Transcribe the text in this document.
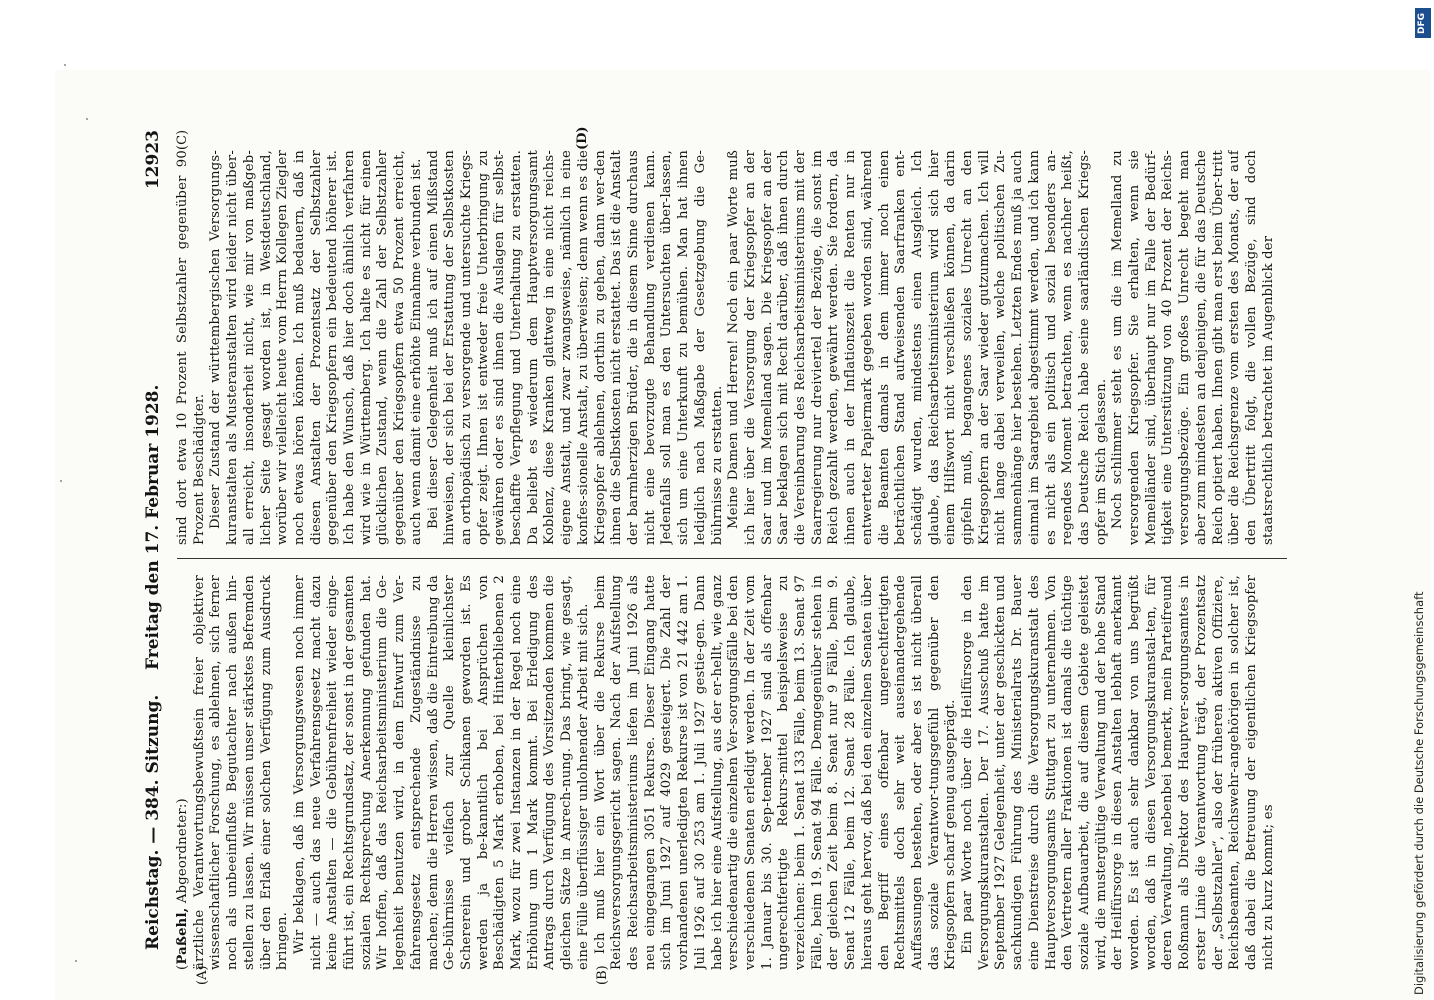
Reichstag. — 384. Sitzung.
Freitag den 17. Februar 1928.
12923
(A)	(B)
(C)	(D)

(Paßehl, Abgeordneter:) ärztliche Verantwortungsbewußtsein freier objektiver wissenschaftlicher Forschung, es ablehnen, sich ferner noch als unbeeinflußte Begutachter nach außen hin-stellen zu lassen. Wir müssen unser stärkstes Befremden über den Erlaß einer solchen Verfügung zum Ausdruck bringen. Wir beklagen, daß im Versorgungswesen noch immer nicht — auch das neue Verfahrensgesetz macht dazu keine Anstalten — die Gebührenfreiheit wieder einge-führt ist, ein Rechtsgrundsatz, der sonst in der gesamten sozialen Rechtsprechung Anerkennung gefunden hat. Wir hoffen, daß das Reichsarbeitsministerium die Ge-legenheit benutzen wird, in dem Entwurf zum Ver-fahrensgesetz entsprechende Zugeständnisse zu machen; denn die Herren wissen, daß die Eintreibung da Ge-bührnisse vielfach zur Quelle kleinlichster Schererein und grober Schikanen geworden ist. Es werden ja be-kanntlich bei Ansprüchen von Beschädigten 5 Mark erhoben, bei Hinterbliebenen 2 Mark, wozu für zwei Instanzen in der Regel noch eine Erhöhung um 1 Mark kommt. Bei Erledigung des Antrags durch Verfügung des Vorsitzenden kommen die gleichen Sätze in Anrech-nung. Das bringt, wie gesagt, eine Fülle überflüssiger unlohnender Arbeit mit sich. Ich muß hier ein Wort über die Rekurse beim Reichsversorgungsgericht sagen. Nach der Aufstellung des Reichsarbeitsministeriums liefen im Juni 1926 als neu eingegangen 3051 Rekurse. Dieser Eingang hatte sich im Juni 1927 auf 4029 gesteigert. Die Zahl der vorhandenen unerledigten Rekurse ist von 21 442 am 1. Juli 1926 auf 30 253 am 1. Juli 1927 gestie-gen. Dann habe ich hier eine Aufstellung, aus der er-hellt, wie ganz verschiedenartig die einzelnen Ver-sorgungsfälle bei den verschiedenen Senaten erledigt werden. In der Zeit vom 1. Januar bis 30. Sep-tember 1927 sind als offenbar ungerechtfertigte Rekurs-mittel beispielsweise zu verzeichnen: beim 1. Senat 133 Fälle, beim 13. Senat 97 Fälle, beim 19. Senat 94 Fälle. Demgegenüber stehen in der gleichen Zeit beim 8. Senat nur 9 Fälle, beim 9. Senat 12 Fälle, beim 12. Senat 28 Fälle. Ich glaube, hieraus geht hervor, daß bei den einzelnen Senaten über den Begriff eines offenbar ungerechtfertigten Rechtsmittels doch sehr weit auseinandergehende Auffassungen bestehen, oder aber es ist nicht überall das soziale Verantwor-tungsgefühl gegenüber den Kriegsopfern scharf genug ausgeprägt. Ein paar Worte noch über die Heilfürsorge in den Versorgungskuranstalten. Der 17. Ausschuß hatte im September 1927 Gelegenheit, unter der geschickten und sachkundigen Führung des Ministerialrats Dr. Bauer eine Dienstreise durch die Versorgungskuranstalt des Hauptversorgungsamts Stuttgart zu unternehmen. Von den Vertretern aller Fraktionen ist damals die tüchtige soziale Aufbauarbeit, die auf diesem Gebiete geleistet wird, die mustergültige Verwaltung und der hohe Stand der Heilfürsorge in diesen Anstalten lebhaft anerkannt worden. Es ist auch sehr dankbar von uns begrüßt worden, daß in diesen Versorgungskuranstal-ten, für deren Verwaltung, nebenbei bemerkt, mein Parteifreund Roßmann als Direktor des Hauptver-sorgungsamtes in erster Linie die Verantwortung trägt, der Prozentsatz der „Selbstzahler“, also der früheren aktiven Offiziere, Reichsbeamten, Reichswehr-angehörigen in solcher ist, daß dabei die Betreuung der eigentlichen Kriegsopfer nicht zu kurz kommt; es

sind dort etwa 10 Prozent Selbstzahler gegenüber 90 Prozent Beschädigter. Dieser Zustand der württembergischen Versorgungs-kuranstalten als Musteranstalten wird leider nicht über-all erreicht, insonderheit nicht, wie mir von maßgeb-licher Seite gesagt worden ist, in Westdeutschland, worüber wir vielleicht heute vom Herrn Kollegen Ziegler noch etwas hören können. Ich muß bedauern, daß in diesen Anstalten der Prozentsatz der Selbstzahler gegenüber den Kriegsopfern ein bedeutend höherer ist. Ich habe den Wunsch, daß hier doch ähnlich verfahren wird wie in Württemberg. Ich halte es nicht für einen glücklichen Zustand, wenn die Zahl der Selbstzahler gegenüber den Kriegsopfern etwa 50 Prozent erreicht, auch wenn damit eine erhöhte Einnahme verbunden ist. Bei dieser Gelegenheit muß ich auf einen Mißstand hinweisen, der sich bei der Erstattung der Selbstkosten an orthopädisch zu versorgende und untersuchte Kriegs-opfer zeigt. Ihnen ist entweder freie Unterbringung zu gewähren oder es sind ihnen die Auslagen für selbst-beschaffte Verpflegung und Unterhaltung zu erstatten. Da beliebt es wiederum dem Hauptversorgungsamt Koblenz, diese Kranken glattweg in eine nicht reichs-eigene Anstalt, und zwar zwangsweise, nämlich in eine konfes-sionelle Anstalt, zu überweisen; denn wenn es die Kriegsopfer ablehnen, dorthin zu gehen, dann wer-den ihnen die Selbstkosten nicht erstattet. Das ist die Anstalt der barmherzigen Brüder, die in diesem Sinne durchaus nicht eine bevorzugte Behandlung verdienen kann. Jedenfalls soll man es den Untersuchten über-lassen, sich um eine Unterkunft zu bemühen. Man hat ihnen lediglich nach Maßgabe der Gesetzgebung die Ge-bührnisse zu erstatten. Meine Damen und Herren! Noch ein paar Worte muß ich hier über die Versorgung der Kriegsopfer an der Saar und im Memelland sagen. Die Kriegsopfer an der Saar beklagen sich mit Recht darüber, daß ihnen durch die Vereinbarung des Reichsarbeitsministeriums mit der Saarregierung nur dreiviertel der Bezüge, die sonst im Reich gezahlt werden, gewährt werden. Sie fordern, da ihnen auch in der Inflationszeit die Renten nur in entwerteter Papiermark gegeben worden sind, während die Beamten damals in dem immer noch einen beträchtlichen Stand aufweisenden Saarfranken ent-schädigt wurden, mindestens einen Ausgleich. Ich glaube, das Reichsarbeitsministerium wird sich hier einem Hilfswort nicht verschließen können, da darin gipfeln muß, begangenes soziales Unrecht an den Kriegsopfern an der Saar wieder gutzumachen. Ich will nicht lange dabei verweilen, welche politischen Zu-sammenhänge hier bestehen. Letzten Endes muß ja auch einmal im Saargebiet abgestimmt werden, und ich kann es nicht als ein politisch und sozial besonders an-regendes Moment betrachten, wenn es nachher heißt, das Deutsche Reich habe seine saarländischen Kriegs-opfer im Stich gelassen. Noch schlimmer steht es um die im Memelland zu versorgenden Kriegsopfer. Sie erhalten, wenn sie Memelländer sind, überhaupt nur im Falle der Bedürf-tigkeit eine Unterstützung von 40 Prozent der Reichs-versorgungsbezüge. Ein großes Unrecht begeht man aber zum mindesten an denjenigen, die für das Deutsche Reich optiert haben. Ihnen gibt man erst beim Über-tritt über die Reichsgrenze vom ersten des Monats, der auf den Übertritt folgt, die vollen Bezüge, sind doch staatsrechtlich betrachtet im Augenblick der

DFG
Digitalisierung gefördert durch die Deutsche Forschungsgemeinschaft
